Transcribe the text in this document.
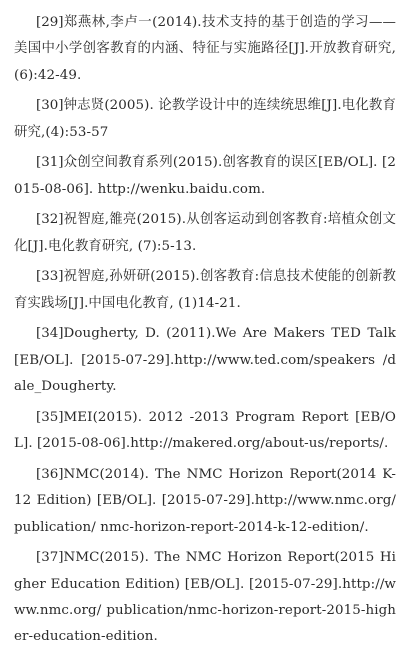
[29]郑燕林,李卢一(2014).技术支持的基于创造的学习——美国中小学创客教育的内涵、特征与实施路径[J].开放教育研究,(6):42-49.

[30]钟志贤(2005). 论教学设计中的连续统思维[J].电化教育研究,(4):53-57

[31]众创空间教育系列(2015).创客教育的误区[EB/OL]. [2015-08-06]. http://wenku.baidu.com.

[32]祝智庭,雒亮(2015).从创客运动到创客教育:培植众创文化[J].电化教育研究, (7):5-13.

[33]祝智庭,孙妍研(2015).创客教育:信息技术使能的创新教育实践场[J].中国电化教育, (1)14-21.

[34]Dougherty, D. (2011).We Are Makers TED Talk [EB/OL]. [2015-07-29].http://www.ted.com/speakers /dale_Dougherty.

[35]MEI(2015). 2012 -2013 Program Report [EB/OL]. [2015-08-06].http://makered.org/about-us/reports/.

[36]NMC(2014). The NMC Horizon Report(2014 K-12 Edition) [EB/OL]. [2015-07-29].http://www.nmc.org/publication/ nmc-horizon-report-2014-k-12-edition/.

[37]NMC(2015). The NMC Horizon Report(2015 Higher Education Edition) [EB/OL]. [2015-07-29].http://www.nmc.org/ publication/nmc-horizon-report-2015-higher-education-edition.
